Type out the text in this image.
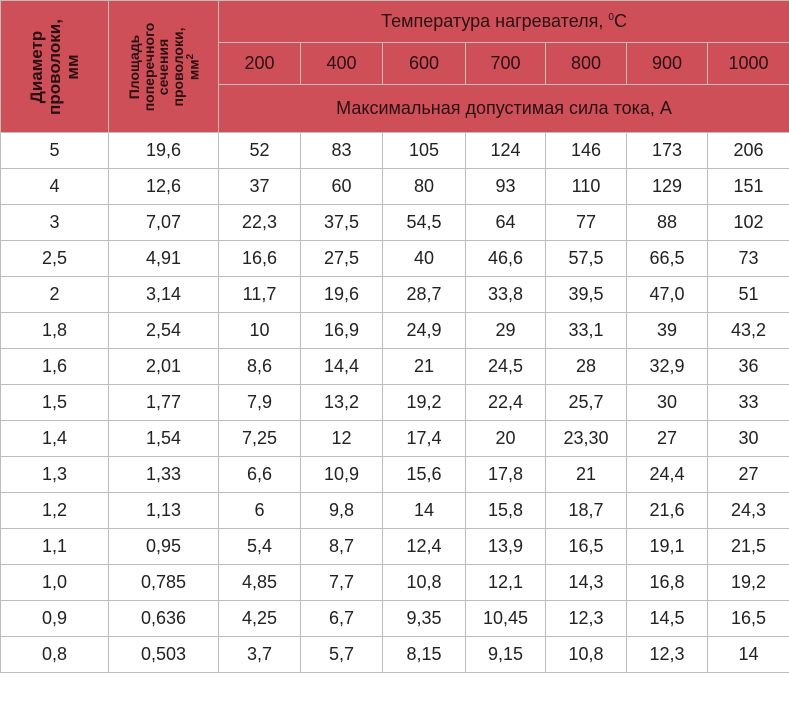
Диаметр
проволоки,
мм	Площадь
поперечного
сечения
проволоки,
$мм^2$	Температура нагревателя, $^0$C						
		200	400	600	700	800	900	1000
		Максимальная допустимая сила тока, А						
5	19,6	52	83	105	124	146	173	206
4	12,6	37	60	80	93	110	129	151
3	7,07	22,3	37,5	54,5	64	77	88	102
2,5	4,91	16,6	27,5	40	46,6	57,5	66,5	73
2	3,14	11,7	19,6	28,7	33,8	39,5	47,0	51
1,8	2,54	10	16,9	24,9	29	33,1	39	43,2
1,6	2,01	8,6	14,4	21	24,5	28	32,9	36
1,5	1,77	7,9	13,2	19,2	22,4	25,7	30	33
1,4	1,54	7,25	12	17,4	20	23,30	27	30
1,3	1,33	6,6	10,9	15,6	17,8	21	24,4	27
1,2	1,13	6	9,8	14	15,8	18,7	21,6	24,3
1,1	0,95	5,4	8,7	12,4	13,9	16,5	19,1	21,5
1,0	0,785	4,85	7,7	10,8	12,1	14,3	16,8	19,2
0,9	0,636	4,25	6,7	9,35	10,45	12,3	14,5	16,5
0,8	0,503	3,7	5,7	8,15	9,15	10,8	12,3	14
